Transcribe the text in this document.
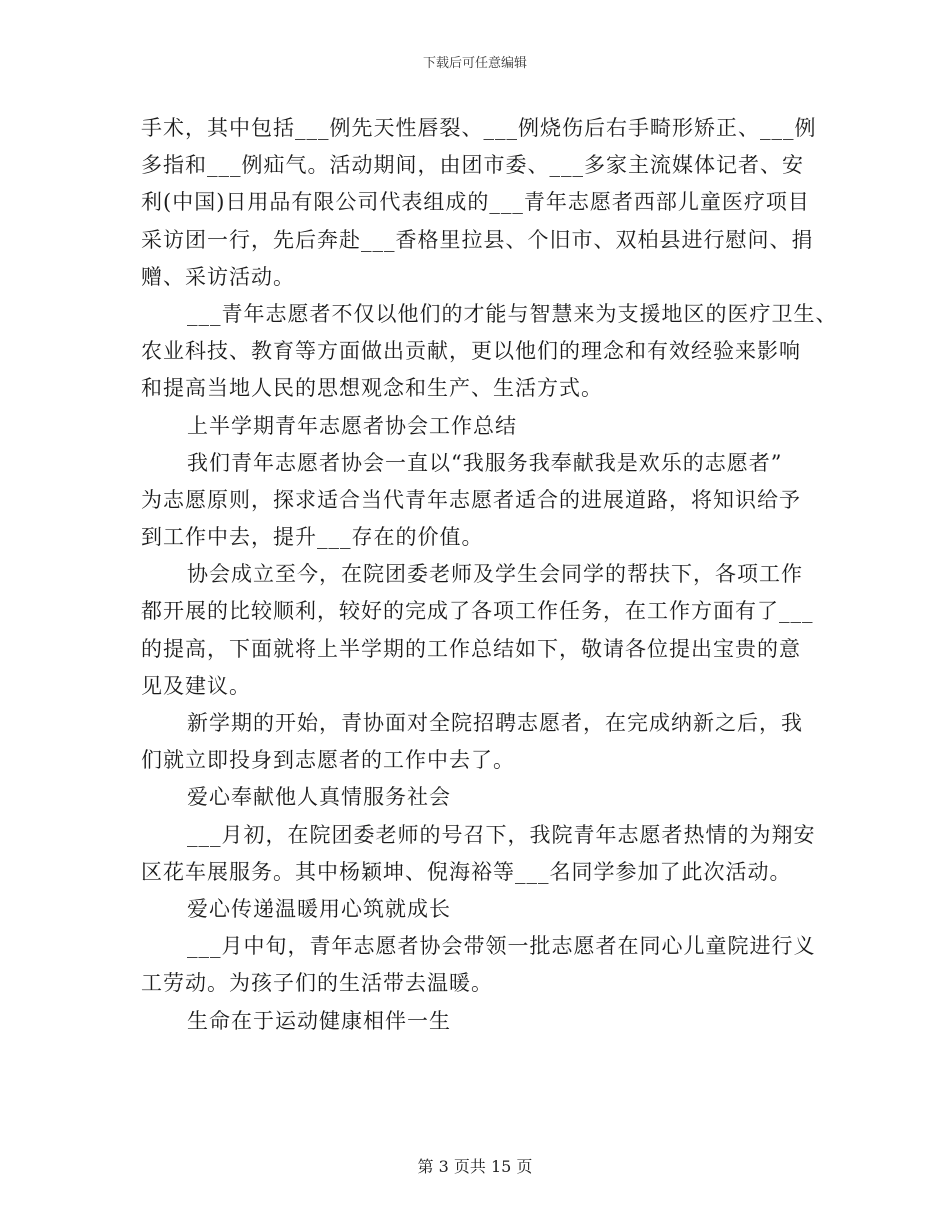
下载后可任意编辑
手术，其中包括___例先天性唇裂、___例烧伤后右手畸形矫正、___例
多指和___例疝气。活动期间，由团市委、___多家主流媒体记者、安
利(中国)日用品有限公司代表组成的___青年志愿者西部儿童医疗项目
采访团一行，先后奔赴___香格里拉县、个旧市、双柏县进行慰问、捐
赠、采访活动。
___青年志愿者不仅以他们的才能与智慧来为支援地区的医疗卫生、
农业科技、教育等方面做出贡献，更以他们的理念和有效经验来影响
和提高当地人民的思想观念和生产、生活方式。
上半学期青年志愿者协会工作总结
我们青年志愿者协会一直以“我服务我奉献我是欢乐的志愿者”
为志愿原则，探求适合当代青年志愿者适合的进展道路，将知识给予
到工作中去，提升___存在的价值。
协会成立至今，在院团委老师及学生会同学的帮扶下，各项工作
都开展的比较顺利，较好的完成了各项工作任务，在工作方面有了___
的提高，下面就将上半学期的工作总结如下，敬请各位提出宝贵的意
见及建议。
新学期的开始，青协面对全院招聘志愿者，在完成纳新之后，我
们就立即投身到志愿者的工作中去了。
爱心奉献他人真情服务社会
___月初，在院团委老师的号召下，我院青年志愿者热情的为翔安
区花车展服务。其中杨颖坤、倪海裕等___名同学参加了此次活动。
爱心传递温暖用心筑就成长
___月中旬，青年志愿者协会带领一批志愿者在同心儿童院进行义
工劳动。为孩子们的生活带去温暖。
生命在于运动健康相伴一生
第 3 页共 15 页
